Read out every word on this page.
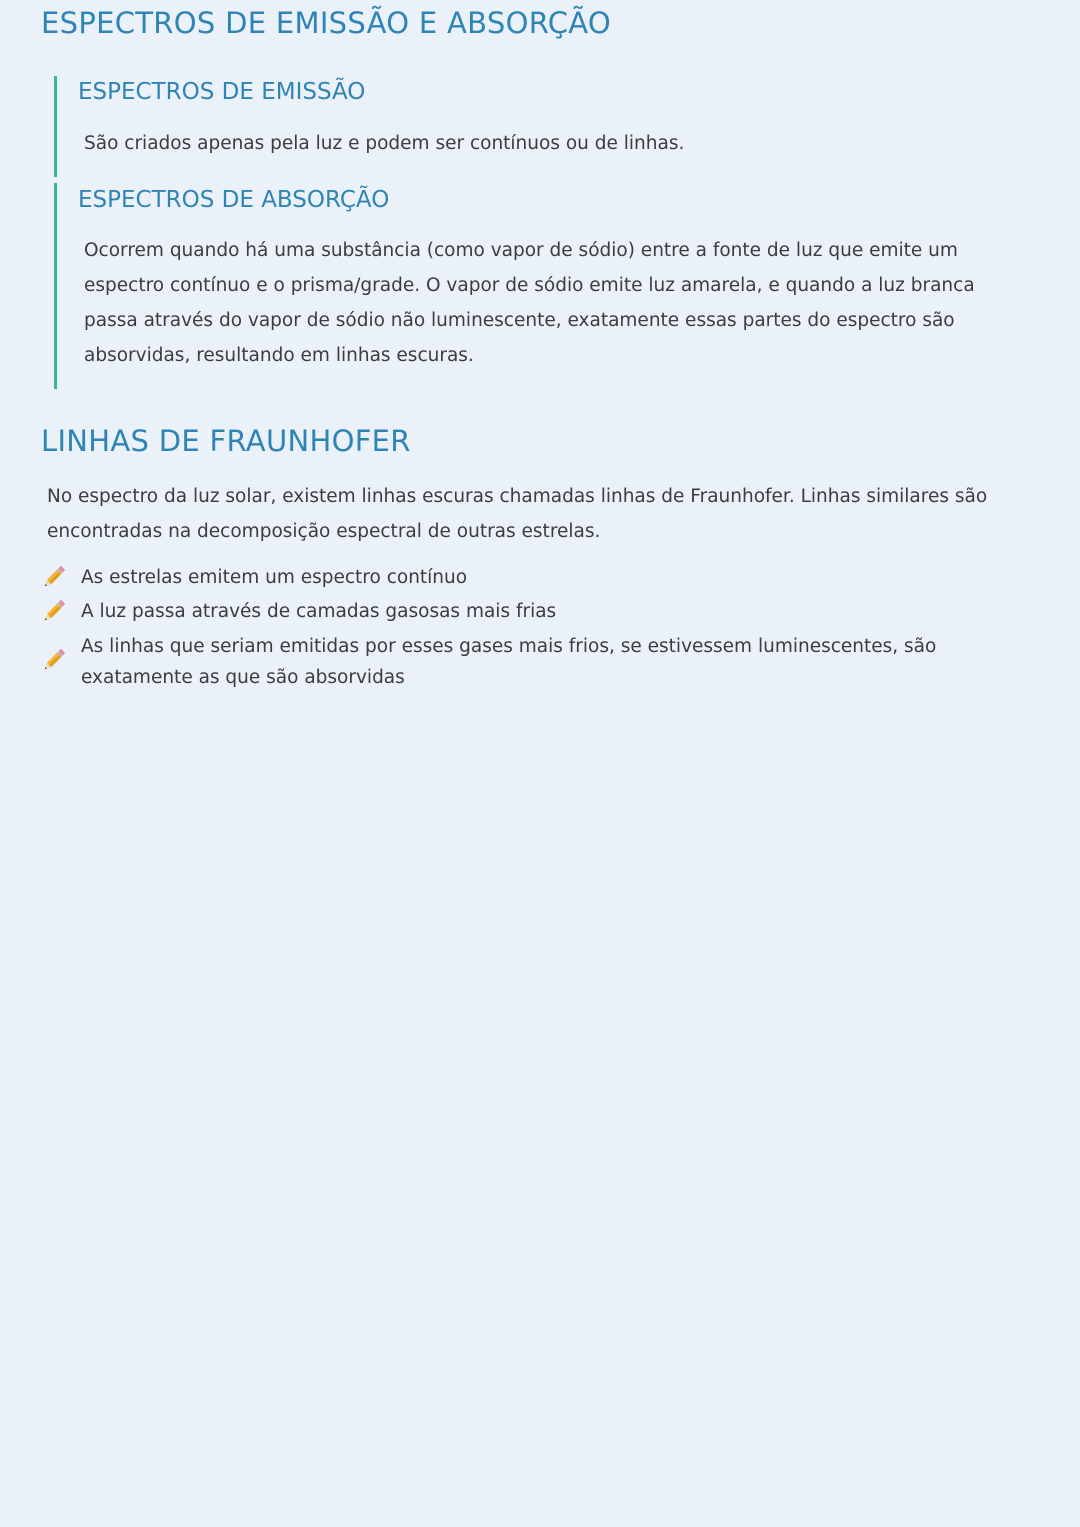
ESPECTROS DE EMISSÃO E ABSORÇÃO
ESPECTROS DE EMISSÃO

São criados apenas pela luz e podem ser contínuos ou de linhas.

ESPECTROS DE ABSORÇÃO

Ocorrem quando há uma substância (como vapor de sódio) entre a fonte de luz que emite um espectro contínuo e o prisma/grade. O vapor de sódio emite luz amarela, e quando a luz branca passa através do vapor de sódio não luminescente, exatamente essas partes do espectro são absorvidas, resultando em linhas escuras.

LINHAS DE FRAUNHOFER

No espectro da luz solar, existem linhas escuras chamadas linhas de Fraunhofer. Linhas similares são encontradas na decomposição espectral de outras estrelas.

As estrelas emitem um espectro contínuo

A luz passa através de camadas gasosas mais frias

As linhas que seriam emitidas por esses gases mais frios, se estivessem luminescentes, são exatamente as que são absorvidas
